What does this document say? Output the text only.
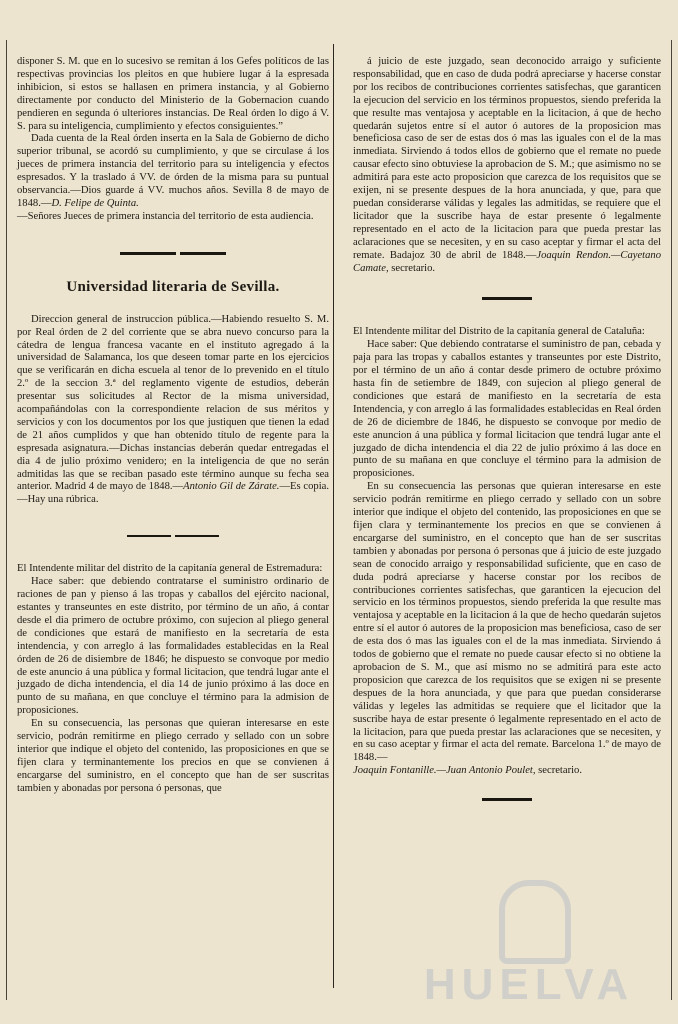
disponer S. M. que en lo sucesivo se remitan á los Gefes políticos de las respectivas provincias los pleitos en que hubiere lugar á la espresada inhibicion, si estos se hallasen en primera instancia, y al Gobierno directamente por conducto del Ministerio de la Gobernacion cuando pendieren en segunda ó ulteriores instancias. De Real órden lo digo á V. S. para su inteligencia, cumplimiento y efectos consiguientes.”

Dada cuenta de la Real órden inserta en la Sala de Gobierno de dicho superior tribunal, se acordó su cumplimiento, y que se circulase á los jueces de primera instancia del territorio para su inteligencia y efectos espresados. Y la traslado á VV. de órden de la misma para su puntual observancia.—Dios guarde á VV. muchos años. Sevilla 8 de mayo de 1848.—D. Felipe de Quinta.

—Señores Jueces de primera instancia del territorio de esta audiencia.

Universidad literaria de Sevilla.

Direccion general de instruccion pública.—Habiendo resuelto S. M. por Real órden de 2 del corriente que se abra nuevo concurso para la cátedra de lengua francesa vacante en el instituto agregado á la universidad de Salamanca, los que deseen tomar parte en los ejercicios que se verificarán en dicha escuela al tenor de lo prevenido en el título 2.º de la seccion 3.ª del reglamento vigente de estudios, deberán presentar sus solicitudes al Rector de la misma universidad, acompañándolas con la correspondiente relacion de sus méritos y servicios y con los documentos por los que justiquen que tienen la edad de 21 años cumplidos y que han obtenido título de regente para la espresada asignatura.—Dichas instancias deberán quedar entregadas el dia 4 de julio próximo venidero; en la inteligencia de que no serán admitidas las que se reciban pasado este término aunque su fecha sea anterior. Madrid 4 de mayo de 1848.—Antonio Gil de Zárate.—Es copia.—Hay una rúbrica.

El Intendente militar del distrito de la capitanía general de Estremadura:

Hace saber: que debiendo contratarse el suministro ordinario de raciones de pan y pienso á las tropas y caballos del ejército nacional, estantes y transeuntes en este distrito, por término de un año, á contar desde el dia primero de octubre próximo, con sujecion al pliego general de condiciones que estará de manifiesto en la secretaría de esta intendencia, y con arreglo á las formalidades establecidas en la Real órden de 26 de disiembre de 1846; he dispuesto se convoque por medio de este anuncio á una pública y formal licitacion, que tendrá lugar ante el juzgado de dicha intendencia, el dia 14 de junio próximo á las doce en punto de su mañana, en que concluye el término para la admision de proposiciones.

En su consecuencia, las personas que quieran interesarse en este servicio, podrán remitirme en pliego cerrado y sellado con un sobre interior que indique el objeto del contenido, las proposiciones en que se fijen clara y terminantemente los precios en que se convienen á encargarse del suministro, en el concepto que han de ser suscritas tambien y abonadas por persona ó personas, que

á juicio de este juzgado, sean deconocido arraigo y suficiente responsabilidad, que en caso de duda podrá apreciarse y hacerse constar por los recibos de contribuciones corrientes satisfechas, que garanticen la ejecucion del servicio en los términos propuestos, siendo preferida la que resulte mas ventajosa y aceptable en la licitacion, á que de hecho quedarán sujetos entre sí el autor ó autores de la proposicion mas beneficiosa caso de ser de estas dos ó mas las iguales con el de la mas inmediata. Sirviendo á todos ellos de gobierno que el remate no puede causar efecto sino obtuviese la aprobacion de S. M.; que asimismo no se admitirá para este acto proposicion que carezca de los requisitos que se exijen, ni se presente despues de la hora anunciada, y que, para que puedan considerarse válidas y legales las admitidas, se requiere que el licitador que la suscribe haya de estar presente ó legalmente representado en el acto de la licitacion para que pueda prestar las aclaraciones que se necesiten, y en su caso aceptar y firmar el acta del remate. Badajoz 30 de abril de 1848.—Joaquin Rendon.—Cayetano Camate, secretario.

El Intendente militar del Distrito de la capitanía general de Cataluña:

Hace saber: Que debiendo contratarse el suministro de pan, cebada y paja para las tropas y caballos estantes y transeuntes por este Distrito, por el término de un año á contar desde primero de octubre próximo hasta fin de setiembre de 1849, con sujecion al pliego general de condiciones que estará de manifiesto en la secretaría de esta Intendencia, y con arreglo á las formalidades establecidas en Real órden de 26 de diciembre de 1846, he dispuesto se convoque por medio de este anuncion á una pública y formal licitacion que tendrá lugar ante el juzgado de dicha intendencia el dia 22 de julio próximo á las doce en punto de su mañana en que concluye el término para la admision de proposiciones.

En su consecuencia las personas que quieran interesarse en este servicio podrán remitirme en pliego cerrado y sellado con un sobre interior que indique el objeto del contenido, las proposiciones en que se fijen clara y terminantemente los precios en que se convienen á encargarse del suministro, en el concepto que han de ser suscritas tambien y abonadas por persona ó personas que á juicio de este juzgado sean de conocido arraigo y responsabilidad suficiente, que en caso de duda podrá apreciarse y hacerse constar por los recibos de contribuciones corrientes satisfechas, que garanticen la ejecucion del servicio en los términos propuestos, siendo preferida la que resulte mas ventajosa y aceptable en la licitacion á la que de hecho quedarán sujetos entre sí el autor ó autores de la proposicion mas beneficiosa, caso de ser de esta dos ó mas las iguales con el de la mas inmediata. Sirviendo á todos de gobierno que el remate no puede causar efecto si no obtiene la aprobacion de S. M., que así mismo no se admitirá para este acto proposicion que carezca de los requisitos que se exigen ni se presente despues de la hora anunciada, y que para que puedan considerarse válidas y legeles las admitidas se requiere que el licitador que la suscribe haya de estar presente ó legalmente representado en el acto de la licitacion, para que pueda prestar las aclaraciones que se necesiten, y en su caso aceptar y firmar el acta del remate. Barcelona 1.º de mayo de 1848.—

Joaquin Fontanille.—Juan Antonio Poulet, secretario.

HUELVA
